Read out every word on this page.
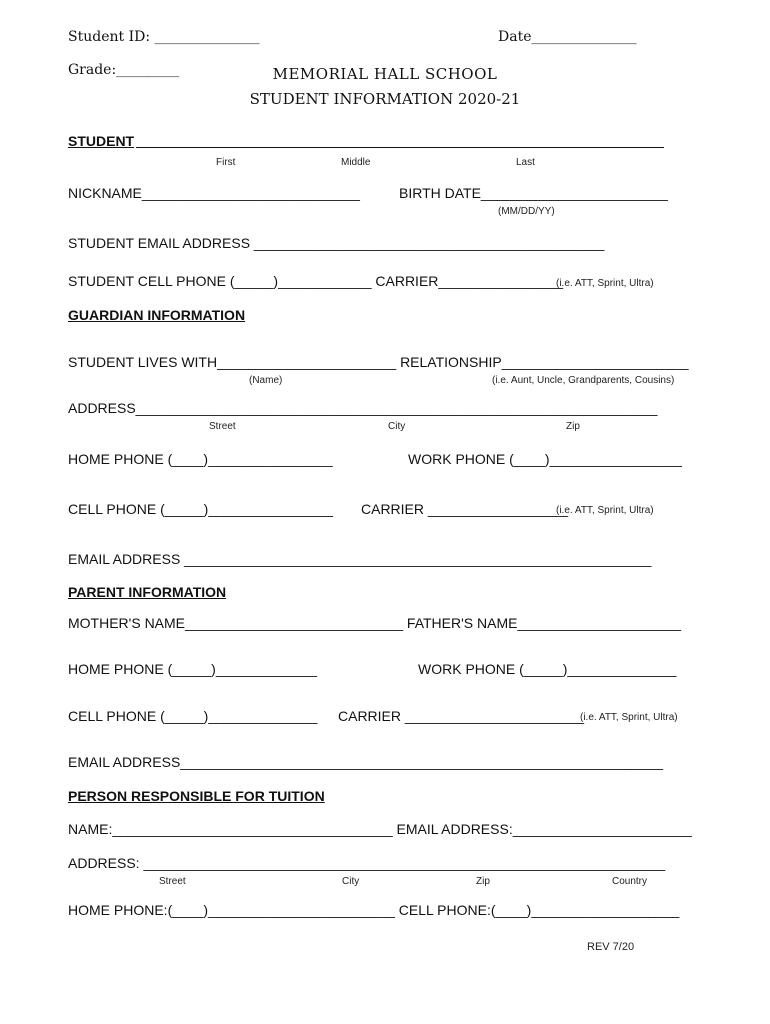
Student ID: _______________	Date_______________
Grade:_________	MEMORIAL HALL SCHOOL
STUDENT INFORMATION 2020-21
STUDENT
First	Middle	Last
NICKNAME____________________________	BIRTH DATE________________________
(MM/DD/YY)
STUDENT EMAIL ADDRESS _____________________________________________
STUDENT CELL PHONE (_____)____________ CARRIER________________
(i.e. ATT, Sprint, Ultra)
GUARDIAN INFORMATION
STUDENT LIVES WITH_______________________ RELATIONSHIP________________________
(Name)	(i.e. Aunt, Uncle, Grandparents, Cousins)
ADDRESS___________________________________________________________________
Street	City	Zip
HOME PHONE (____)________________	WORK PHONE (____)_________________
CELL PHONE (_____)________________ CARRIER __________________
(i.e. ATT, Sprint, Ultra)
EMAIL ADDRESS ____________________________________________________________
PARENT INFORMATION
MOTHER'S NAME____________________________ FATHER'S NAME_____________________
HOME PHONE (_____)_____________	WORK PHONE (_____)______________
CELL PHONE (_____)______________ CARRIER _______________________
(i.e. ATT, Sprint, Ultra)
EMAIL ADDRESS______________________________________________________________
PERSON RESPONSIBLE FOR TUITION
NAME:____________________________________ EMAIL ADDRESS:_______________________
ADDRESS: ___________________________________________________________________
Street	City	Zip	Country
HOME PHONE:(____)________________________ CELL PHONE:(____)___________________
REV 7/20
